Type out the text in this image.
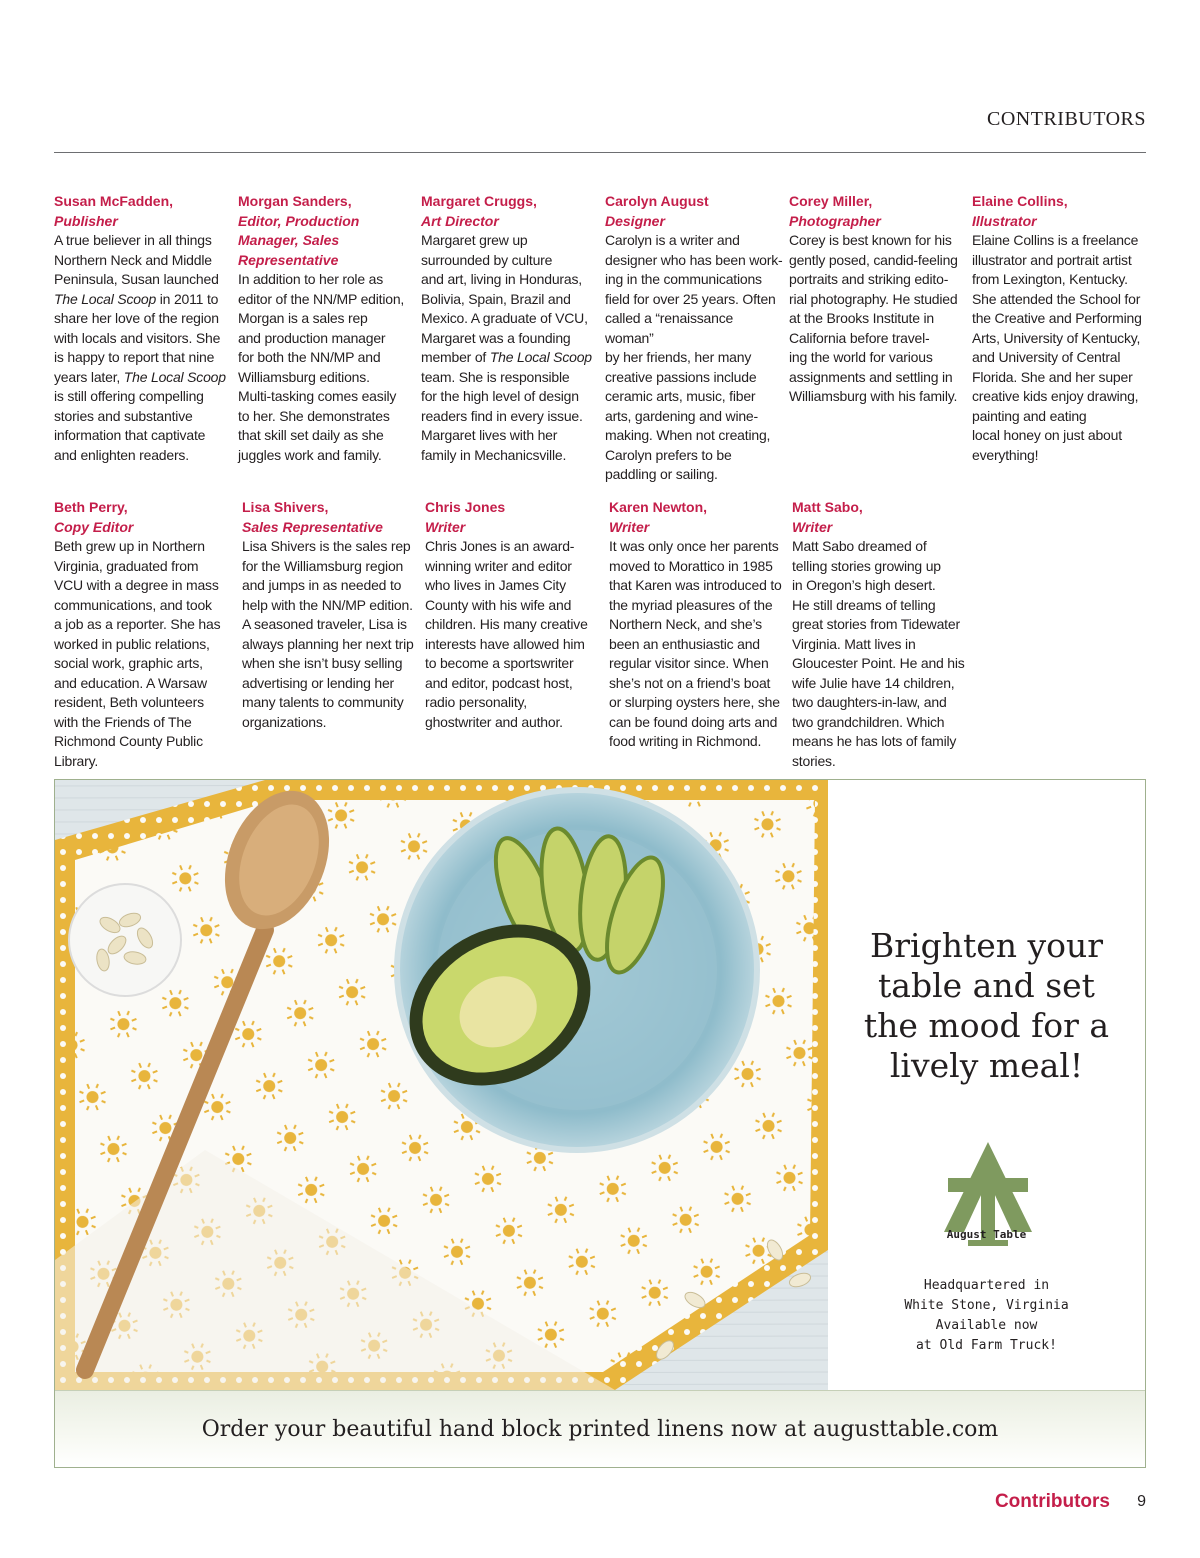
CONTRIBUTORS
Susan McFadden,
Publisher
A true believer in all things
Northern Neck and Middle
Peninsula, Susan launched
The Local Scoop in 2011 to
share her love of the region
with locals and visitors. She
is happy to report that nine
years later, The Local Scoop
is still offering compelling
stories and substantive
information that captivate
and enlighten readers.
Morgan Sanders,
Editor, Production
Manager, Sales
Representative
In addition to her role as
editor of the NN/MP edition,
Morgan is a sales rep
and production manager
for both the NN/MP and
Williamsburg editions.
Multi-tasking comes easily
to her. She demonstrates
that skill set daily as she
juggles work and family.
Margaret Cruggs,
Art Director
Margaret grew up
surrounded by culture
and art, living in Honduras,
Bolivia, Spain, Brazil and
Mexico. A graduate of VCU,
Margaret was a founding
member of The Local Scoop
team. She is responsible
for the high level of design
readers find in every issue.
Margaret lives with her
family in Mechanicsville.
Carolyn August
Designer
Carolyn is a writer and
designer who has been work-
ing in the communications
field for over 25 years. Often
called a “renaissance woman”
by her friends, her many
creative passions include
ceramic arts, music, fiber
arts, gardening and wine-
making. When not creating,
Carolyn prefers to be
paddling or sailing.
Corey Miller,
Photographer
Corey is best known for his
gently posed, candid-feeling
portraits and striking edito-
rial photography. He studied
at the Brooks Institute in
California before travel-
ing the world for various
assignments and settling in
Williamsburg with his family.
Elaine Collins,
Illustrator
Elaine Collins is a freelance
illustrator and portrait artist
from Lexington, Kentucky.
She attended the School for
the Creative and Performing
Arts, University of Kentucky,
and University of Central
Florida. She and her super
creative kids enjoy drawing,
painting and eating
local honey on just about
everything!
Beth Perry,
Copy Editor
Beth grew up in Northern
Virginia, graduated from
VCU with a degree in mass
communications, and took
a job as a reporter. She has
worked in public relations,
social work, graphic arts,
and education. A Warsaw
resident, Beth volunteers
with the Friends of The
Richmond County Public
Library.
Lisa Shivers,
Sales Representative
Lisa Shivers is the sales rep
for the Williamsburg region
and jumps in as needed to
help with the NN/MP edition.
A seasoned traveler, Lisa is
always planning her next trip
when she isn’t busy selling
advertising or lending her
many talents to community
organizations.
Chris Jones
Writer
Chris Jones is an award-
winning writer and editor
who lives in James City
County with his wife and
children. His many creative
interests have allowed him
to become a sportswriter
and editor, podcast host,
radio personality,
ghostwriter and author.
Karen Newton,
Writer
It was only once her parents
moved to Morattico in 1985
that Karen was introduced to
the myriad pleasures of the
Northern Neck, and she’s
been an enthusiastic and
regular visitor since. When
she’s not on a friend’s boat
or slurping oysters here, she
can be found doing arts and
food writing in Richmond.
Matt Sabo,
Writer
Matt Sabo dreamed of
telling stories growing up
in Oregon’s high desert.
He still dreams of telling
great stories from Tidewater
Virginia. Matt lives in
Gloucester Point. He and his
wife Julie have 14 children,
two daughters-in-law, and
two grandchildren. Which
means he has lots of family
stories.
Brighten your
table and set
the mood for a
lively meal!
August Table
Headquartered in
White Stone, Virginia
Available now
at Old Farm Truck!
Order your beautiful hand block printed linens now at augusttable.com
Contributors 9
